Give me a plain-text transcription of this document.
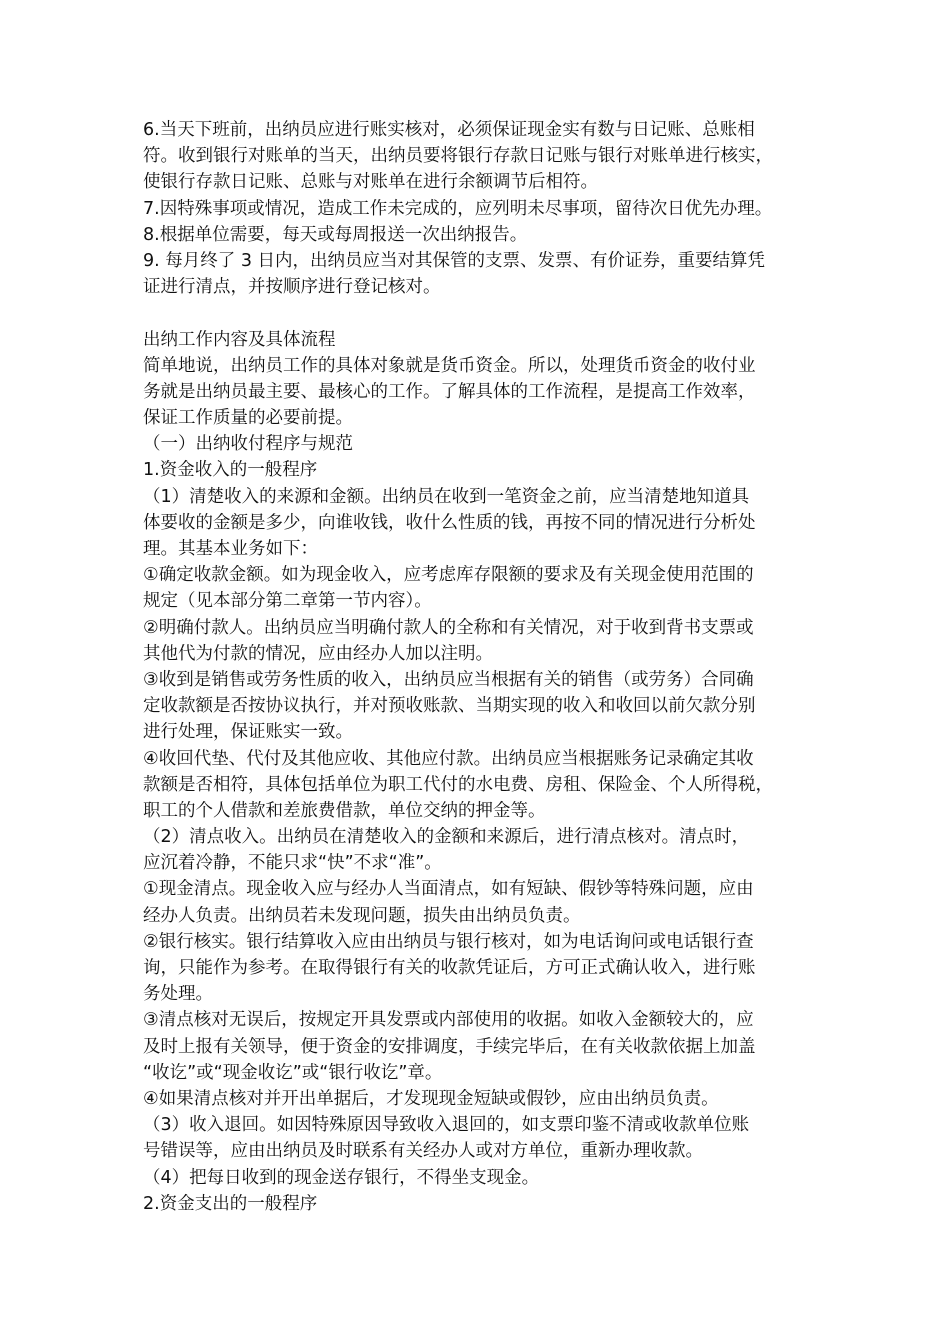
6.当天下班前，出纳员应进行账实核对，必须保证现金实有数与日记账、总账相
符。收到银行对账单的当天，出纳员要将银行存款日记账与银行对账单进行核实，
使银行存款日记账、总账与对账单在进行余额调节后相符。
7.因特殊事项或情况，造成工作未完成的，应列明未尽事项，留待次日优先办理。
8.根据单位需要，每天或每周报送一次出纳报告。
9. 每月终了 3 日内，出纳员应当对其保管的支票、发票、有价证券，重要结算凭
证进行清点，并按顺序进行登记核对。
出纳工作内容及具体流程
简单地说，出纳员工作的具体对象就是货币资金。所以，处理货币资金的收付业
务就是出纳员最主要、最核心的工作。了解具体的工作流程，是提高工作效率，
保证工作质量的必要前提。
（一）出纳收付程序与规范
1.资金收入的一般程序
（1）清楚收入的来源和金额。出纳员在收到一笔资金之前，应当清楚地知道具
体要收的金额是多少，向谁收钱，收什么性质的钱，再按不同的情况进行分析处
理。其基本业务如下：
①确定收款金额。如为现金收入，应考虑库存限额的要求及有关现金使用范围的
规定（见本部分第二章第一节内容）。
②明确付款人。出纳员应当明确付款人的全称和有关情况，对于收到背书支票或
其他代为付款的情况，应由经办人加以注明。
③收到是销售或劳务性质的收入，出纳员应当根据有关的销售（或劳务）合同确
定收款额是否按协议执行，并对预收账款、当期实现的收入和收回以前欠款分别
进行处理，保证账实一致。
④收回代垫、代付及其他应收、其他应付款。出纳员应当根据账务记录确定其收
款额是否相符，具体包括单位为职工代付的水电费、房租、保险金、个人所得税，
职工的个人借款和差旅费借款，单位交纳的押金等。
（2）清点收入。出纳员在清楚收入的金额和来源后，进行清点核对。清点时，
应沉着冷静，不能只求“快”不求“准”。
①现金清点。现金收入应与经办人当面清点，如有短缺、假钞等特殊问题，应由
经办人负责。出纳员若未发现问题，损失由出纳员负责。
②银行核实。银行结算收入应由出纳员与银行核对，如为电话询问或电话银行查
询，只能作为参考。在取得银行有关的收款凭证后，方可正式确认收入，进行账
务处理。
③清点核对无误后，按规定开具发票或内部使用的收据。如收入金额较大的，应
及时上报有关领导，便于资金的安排调度，手续完毕后，在有关收款依据上加盖
“收讫”或“现金收讫”或“银行收讫”章。
④如果清点核对并开出单据后，才发现现金短缺或假钞，应由出纳员负责。
（3）收入退回。如因特殊原因导致收入退回的，如支票印鉴不清或收款单位账
号错误等，应由出纳员及时联系有关经办人或对方单位，重新办理收款。
（4）把每日收到的现金送存银行，不得坐支现金。
2.资金支出的一般程序
